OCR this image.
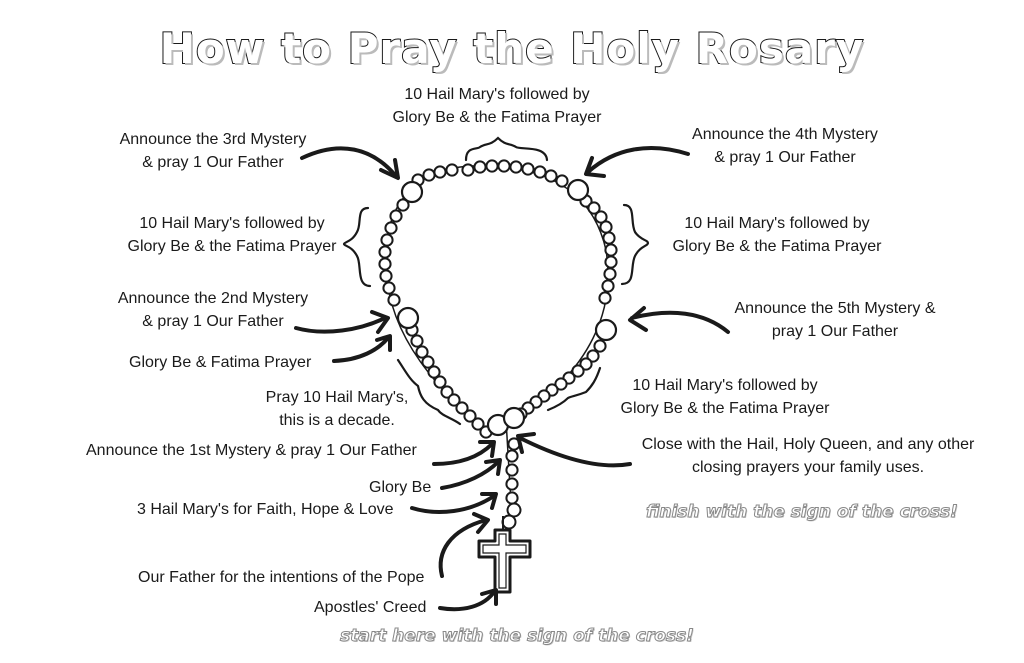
How to Pray the Holy Rosary
10 Hail Mary's followed by
Glory Be & the Fatima Prayer
Announce the 3rd Mystery
& pray 1 Our Father
Announce the 4th Mystery
& pray 1 Our Father
10 Hail Mary's followed by
Glory Be & the Fatima Prayer
10 Hail Mary's followed by
Glory Be & the Fatima Prayer
Announce the 2nd Mystery
& pray 1 Our Father
Announce the 5th Mystery &
pray 1 Our Father
Glory Be & Fatima Prayer
Pray 10 Hail Mary's,
this is a decade.
10 Hail Mary's followed by
Glory Be & the Fatima Prayer
Announce the 1st Mystery & pray 1 Our Father	Close with the Hail, Holy Queen, and any other
closing prayers your family uses.
Glory Be
3 Hail Mary's for Faith, Hope & Love	finish with the sign of the cross!
Our Father for the intentions of the Pope
Apostles' Creed
start here with the sign of the cross!
